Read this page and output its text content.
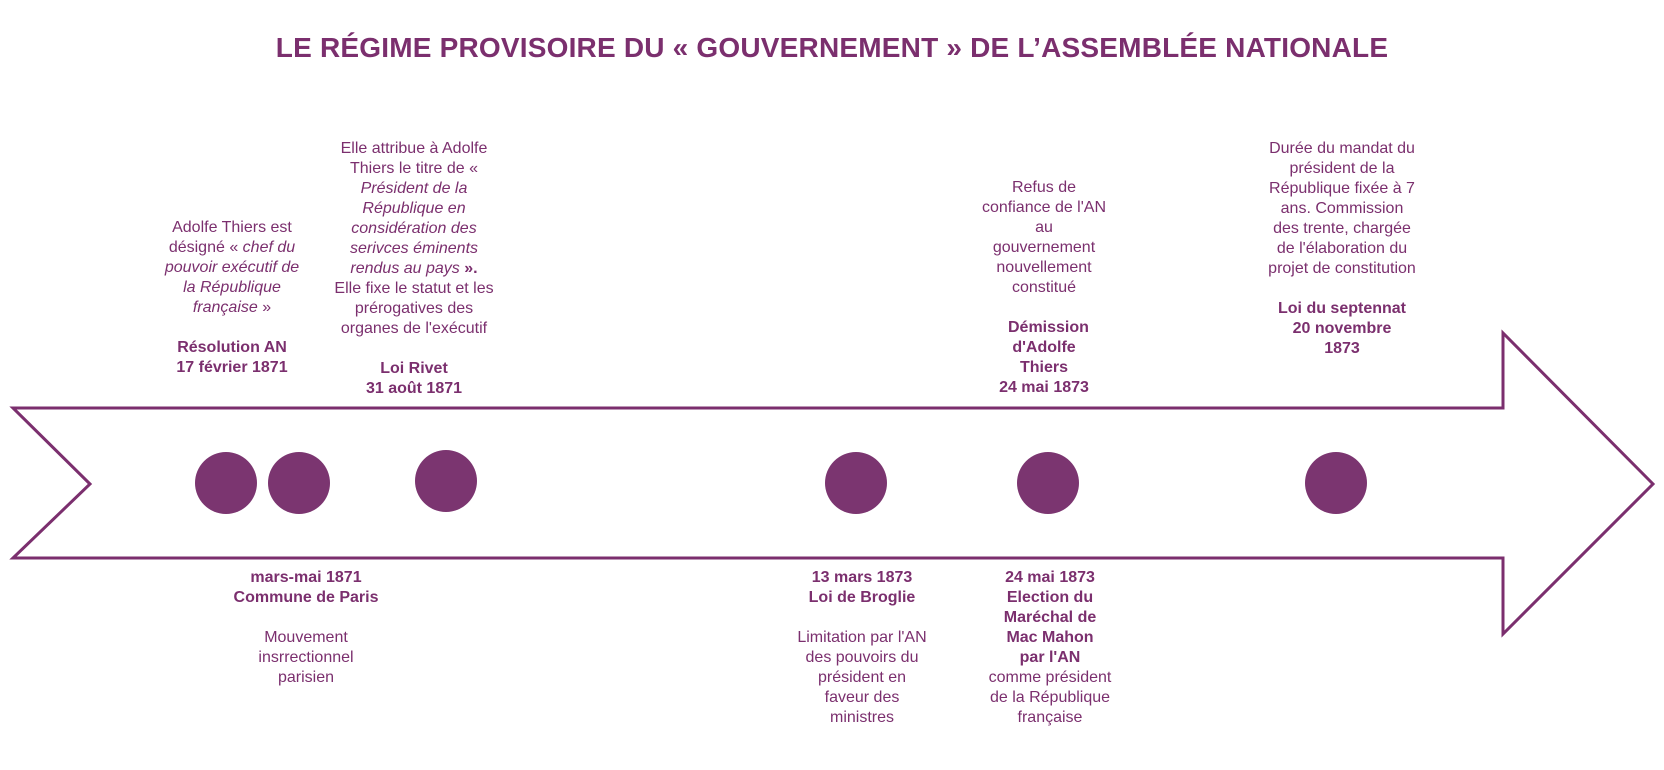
LE RÉGIME PROVISOIRE DU « GOUVERNEMENT » DE L’ASSEMBLÉE NATIONALE

Adolfe Thiers est désigné « chef du pouvoir exécutif de la République française »

Résolution AN

17 février 1871

Elle attribue à Adolfe Thiers le titre de « Président de la République en considération des serivces éminents rendus au pays ».

Elle fixe le statut et les prérogatives des organes de l'exécutif

Loi Rivet

31 août 1871

Refus de confiance de l'AN au gouvernement nouvellement constitué

Démission d'Adolfe Thiers

24 mai 1873

Durée du mandat du président de la République fixée à 7 ans. Commission des trente, chargée de l'élaboration du projet de constitution

Loi du septennat

20 novembre 1873

mars-mai 1871

Commune de Paris

Mouvement insrrectionnel parisien

13 mars 1873

Loi de Broglie

Limitation par l'AN des pouvoirs du président en faveur des ministres

24 mai 1873

Election du Maréchal de Mac Mahon par l'AN

comme président de la République française
